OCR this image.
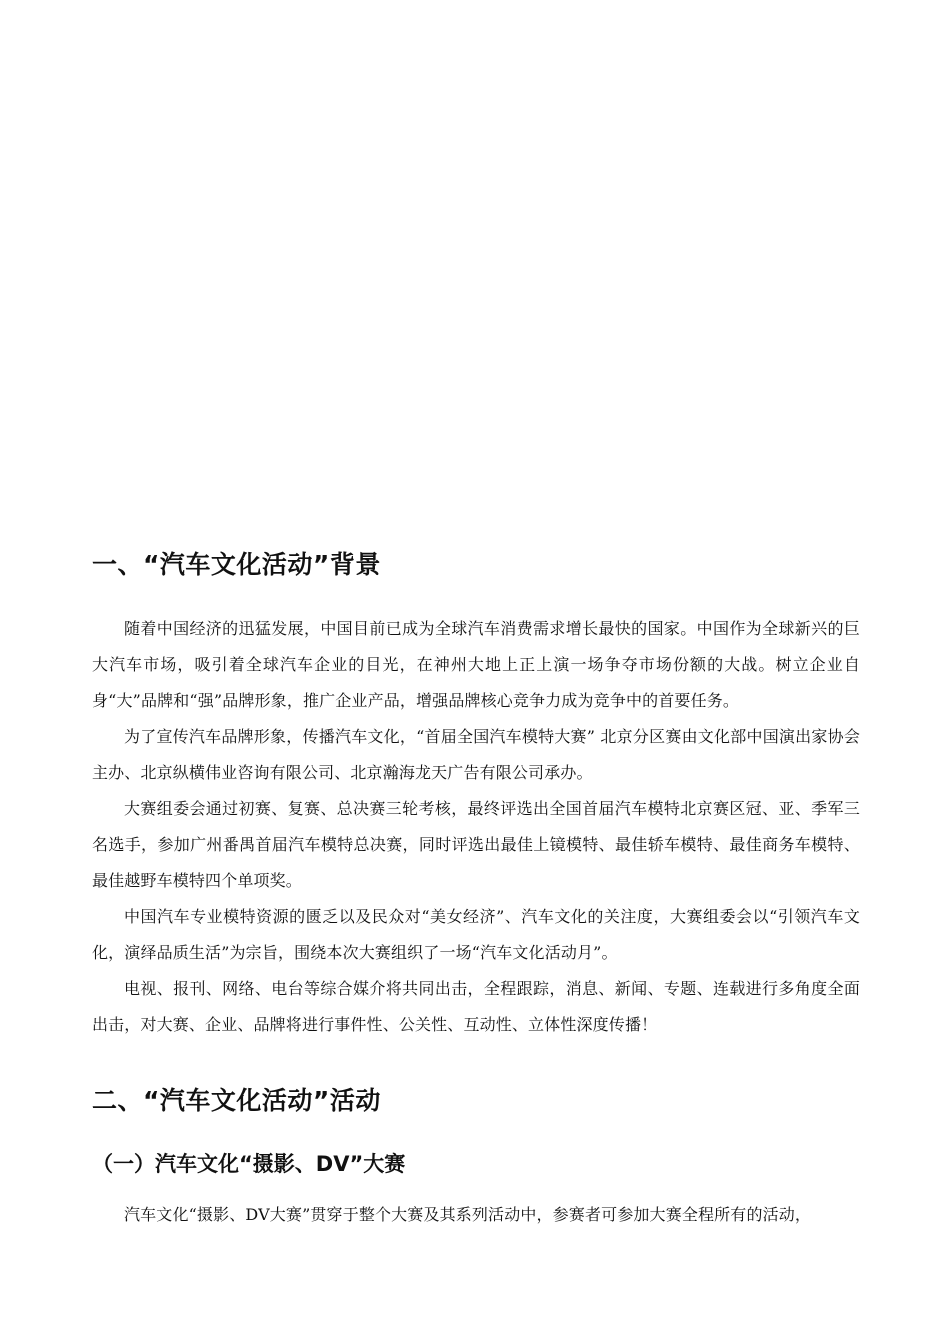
一、“汽车文化活动”背景
随着中国经济的迅猛发展，中国目前已成为全球汽车消费需求增长最快的国家。中国作为全球新兴的巨大汽车市场，吸引着全球汽车企业的目光，在神州大地上正上演一场争夺市场份额的大战。树立企业自身“大”品牌和“强”品牌形象，推广企业产品，增强品牌核心竞争力成为竞争中的首要任务。
为了宣传汽车品牌形象，传播汽车文化，“首届全国汽车模特大赛” 北京分区赛由文化部中国演出家协会主办、北京纵横伟业咨询有限公司、北京瀚海龙天广告有限公司承办。
大赛组委会通过初赛、复赛、总决赛三轮考核，最终评选出全国首届汽车模特北京赛区冠、亚、季军三名选手，参加广州番禺首届汽车模特总决赛，同时评选出最佳上镜模特、最佳轿车模特、最佳商务车模特、最佳越野车模特四个单项奖。
中国汽车专业模特资源的匮乏以及民众对“美女经济”、汽车文化的关注度，大赛组委会以“引领汽车文化，演绎品质生活”为宗旨，围绕本次大赛组织了一场“汽车文化活动月”。
电视、报刊、网络、电台等综合媒介将共同出击，全程跟踪，消息、新闻、专题、连载进行多角度全面出击，对大赛、企业、品牌将进行事件性、公关性、互动性、立体性深度传播！
二、“汽车文化活动”活动
（一）汽车文化“摄影、DV”大赛
汽车文化“摄影、DV大赛”贯穿于整个大赛及其系列活动中，参赛者可参加大赛全程所有的活动，
